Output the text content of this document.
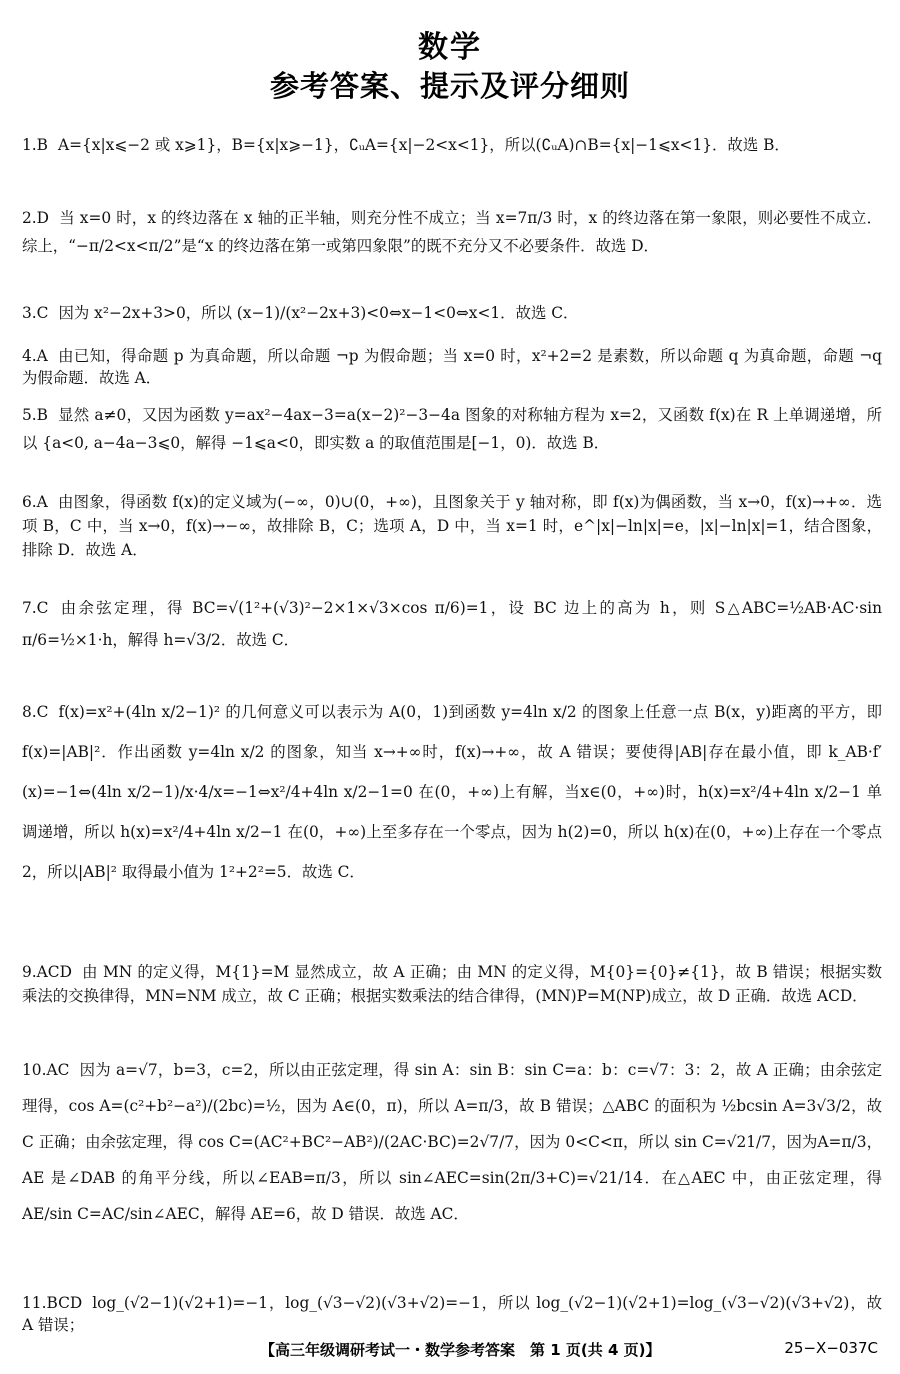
数学
参考答案、提示及评分细则
1.B A={x|x⩽−2 或 x⩾1}，B={x|x⩾−1}，∁ᵤA={x|−2<x<1}，所以(∁ᵤA)∩B={x|−1⩽x<1}．故选 B．
2.D 当 x=0 时，x 的终边落在 x 轴的正半轴，则充分性不成立；当 x=7π/3 时，x 的终边落在第一象限，则必要性不成立．综上，“−π/2<x<π/2”是“x 的终边落在第一或第四象限”的既不充分又不必要条件．故选 D．
3.C 因为 x²−2x+3>0，所以 (x−1)/(x²−2x+3)<0⇔x−1<0⇔x<1．故选 C．
4.A 由已知，得命题 p 为真命题，所以命题 ¬p 为假命题；当 x=0 时，x²+2=2 是素数，所以命题 q 为真命题，命题 ¬q 为假命题．故选 A．
5.B 显然 a≠0，又因为函数 y=ax²−4ax−3=a(x−2)²−3−4a 图象的对称轴方程为 x=2，又函数 f(x)在 R 上单调递增，所以 {a<0, a−4a−3⩽0，解得 −1⩽a<0，即实数 a 的取值范围是[−1，0)．故选 B．
6.A 由图象，得函数 f(x)的定义域为(−∞，0)∪(0，+∞)，且图象关于 y 轴对称，即 f(x)为偶函数，当 x→0，f(x)→+∞．选项 B，C 中，当 x→0，f(x)→−∞，故排除 B，C；选项 A，D 中，当 x=1 时，e^|x|−ln|x|=e，|x|−ln|x|=1，结合图象，排除 D．故选 A．
7.C 由余弦定理，得 BC=√(1²+(√3)²−2×1×√3×cos π/6)=1，设 BC 边上的高为 h，则 S△ABC=½AB·AC·sin π/6=½×1·h，解得 h=√3/2．故选 C．
8.C f(x)=x²+(4ln x/2−1)² 的几何意义可以表示为 A(0，1)到函数 y=4ln x/2 的图象上任意一点 B(x，y)距离的平方，即 f(x)=|AB|²．作出函数 y=4ln x/2 的图象，知当 x→+∞时，f(x)→+∞，故 A 错误；要使得|AB|存在最小值，即 k_AB·f′(x)=−1⇔(4ln x/2−1)/x·4/x=−1⇔x²/4+4ln x/2−1=0 在(0，+∞)上有解，当x∈(0，+∞)时，h(x)=x²/4+4ln x/2−1 单调递增，所以 h(x)=x²/4+4ln x/2−1 在(0，+∞)上至多存在一个零点，因为 h(2)=0，所以 h(x)在(0，+∞)上存在一个零点 2，所以|AB|² 取得最小值为 1²+2²=5．故选 C．
9.ACD 由 MN 的定义得，M{1}=M 显然成立，故 A 正确；由 MN 的定义得，M{0}={0}≠{1}，故 B 错误；根据实数乘法的交换律得，MN=NM 成立，故 C 正确；根据实数乘法的结合律得，(MN)P=M(NP)成立，故 D 正确．故选 ACD．
10.AC 因为 a=√7，b=3，c=2，所以由正弦定理，得 sin A：sin B：sin C=a：b：c=√7：3：2，故 A 正确；由余弦定理得，cos A=(c²+b²−a²)/(2bc)=½，因为 A∈(0，π)，所以 A=π/3，故 B 错误；△ABC 的面积为 ½bcsin A=3√3/2，故 C 正确；由余弦定理，得 cos C=(AC²+BC²−AB²)/(2AC·BC)=2√7/7，因为 0<C<π，所以 sin C=√21/7，因为A=π/3，AE 是∠DAB 的角平分线，所以∠EAB=π/3，所以 sin∠AEC=sin(2π/3+C)=√21/14．在△AEC 中，由正弦定理，得 AE/sin C=AC/sin∠AEC，解得 AE=6，故 D 错误．故选 AC．
11.BCD log_(√2−1)(√2+1)=−1，log_(√3−√2)(√3+√2)=−1，所以 log_(√2−1)(√2+1)=log_(√3−√2)(√3+√2)，故 A 错误；
【高三年级调研考试一・数学参考答案　第 1 页(共 4 页)】	25−X−037C
